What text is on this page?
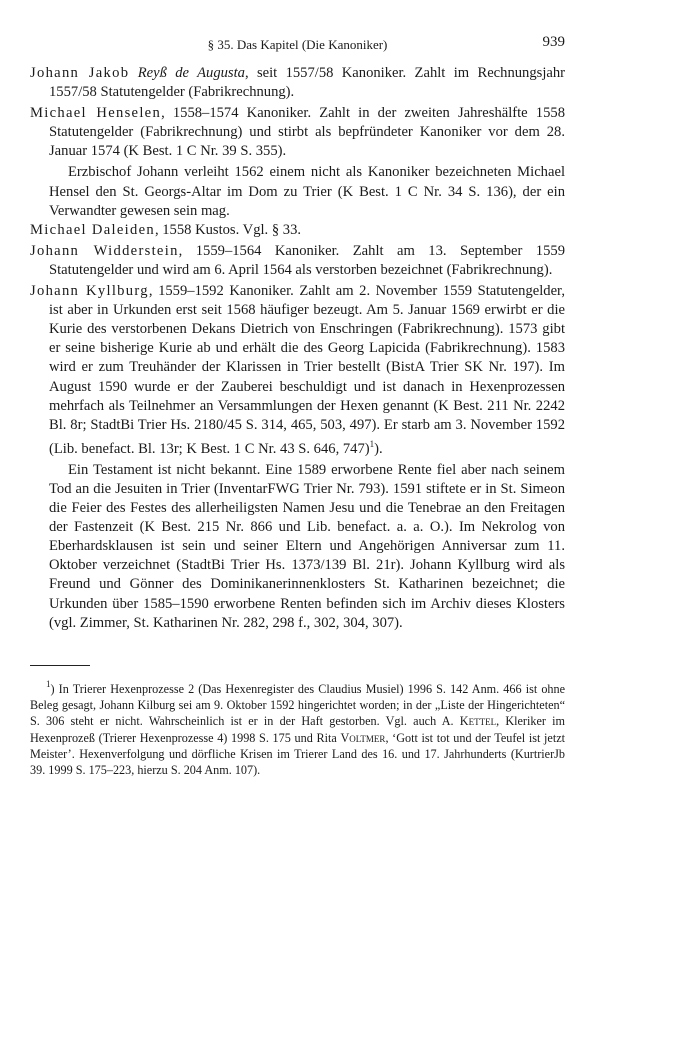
§ 35. Das Kapitel (Die Kanoniker)	939

Johann Jakob Reyß de Augusta, seit 1557/58 Kanoniker. Zahlt im Rechnungsjahr 1557/58 Statutengelder (Fabrikrechnung).

Michael Henselen, 1558–1574 Kanoniker. Zahlt in der zweiten Jahreshälfte 1558 Statutengelder (Fabrikrechnung) und stirbt als bepfründeter Kanoniker vor dem 28. Januar 1574 (K Best. 1 C Nr. 39 S. 355).

Erzbischof Johann verleiht 1562 einem nicht als Kanoniker bezeichneten Michael Hensel den St. Georgs-Altar im Dom zu Trier (K Best. 1 C Nr. 34 S. 136), der ein Verwandter gewesen sein mag.

Michael Daleiden, 1558 Kustos. Vgl. § 33.

Johann Widderstein, 1559–1564 Kanoniker. Zahlt am 13. September 1559 Statutengelder und wird am 6. April 1564 als verstorben bezeichnet (Fabrikrechnung).

Johann Kyllburg, 1559–1592 Kanoniker. Zahlt am 2. November 1559 Statutengelder, ist aber in Urkunden erst seit 1568 häufiger bezeugt. Am 5. Januar 1569 erwirbt er die Kurie des verstorbenen Dekans Dietrich von Enschringen (Fabrikrechnung). 1573 gibt er seine bisherige Kurie ab und erhält die des Georg Lapicida (Fabrikrechnung). 1583 wird er zum Treuhänder der Klarissen in Trier bestellt (BistA Trier SK Nr. 197). Im August 1590 wurde er der Zauberei beschuldigt und ist danach in Hexenprozessen mehrfach als Teilnehmer an Versammlungen der Hexen genannt (K Best. 211 Nr. 2242 Bl. 8r; StadtBi Trier Hs. 2180/45 S. 314, 465, 503, 497). Er starb am 3. November 1592 (Lib. benefact. Bl. 13r; K Best. 1 C Nr. 43 S. 646, 747)$^1$).

Ein Testament ist nicht bekannt. Eine 1589 erworbene Rente fiel aber nach seinem Tod an die Jesuiten in Trier (InventarFWG Trier Nr. 793). 1591 stiftete er in St. Simeon die Feier des Festes des allerheiligsten Namen Jesu und die Tenebrae an den Freitagen der Fastenzeit (K Best. 215 Nr. 866 und Lib. benefact. a. a. O.). Im Nekrolog von Eberhardsklausen ist sein und seiner Eltern und Angehörigen Anniversar zum 11. Oktober verzeichnet (StadtBi Trier Hs. 1373/139 Bl. 21r). Johann Kyllburg wird als Freund und Gönner des Dominikanerinnenklosters St. Katharinen bezeichnet; die Urkunden über 1585–1590 erworbene Renten befinden sich im Archiv dieses Klosters (vgl. Zimmer, St. Katharinen Nr. 282, 298 f., 302, 304, 307).

$^1$) In Trierer Hexenprozesse 2 (Das Hexenregister des Claudius Musiel) 1996 S. 142 Anm. 466 ist ohne Beleg gesagt, Johann Kilburg sei am 9. Oktober 1592 hingerichtet worden; in der „Liste der Hingerichteten“ S. 306 steht er nicht. Wahrscheinlich ist er in der Haft gestorben. Vgl. auch A. Kettel, Kleriker im Hexenprozeß (Trierer Hexenprozesse 4) 1998 S. 175 und Rita Voltmer, ‘Gott ist tot und der Teufel ist jetzt Meister’. Hexenverfolgung und dörfliche Krisen im Trierer Land des 16. und 17. Jahrhunderts (KurtrierJb 39. 1999 S. 175–223, hierzu S. 204 Anm. 107).
